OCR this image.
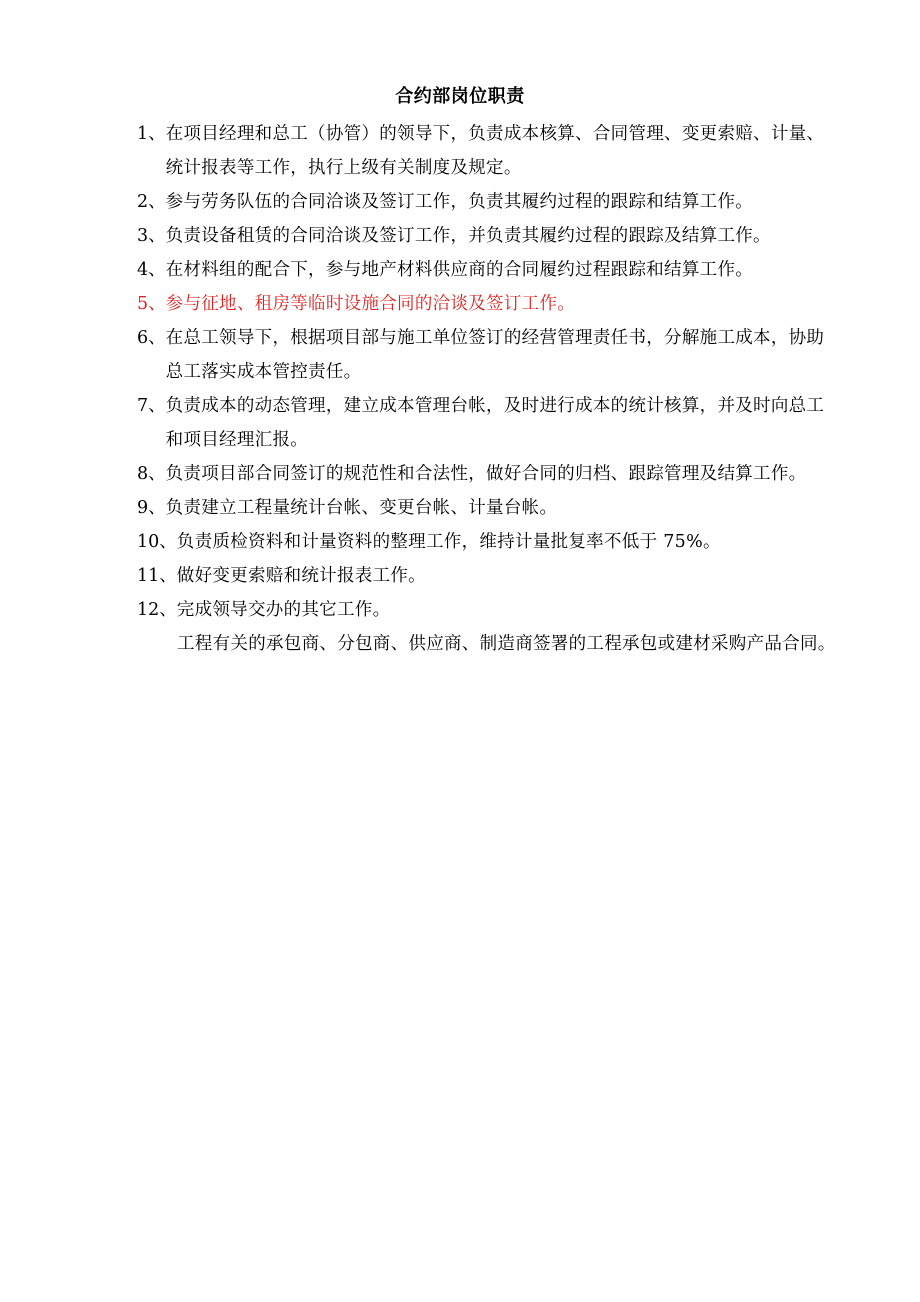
合约部岗位职责
1、 在项目经理和总工（协管）的领导下，负责成本核算、合同管理、变更索赔、计量、统计报表等工作，执行上级有关制度及规定。
2、 参与劳务队伍的合同洽谈及签订工作，负责其履约过程的跟踪和结算工作。
3、 负责设备租赁的合同洽谈及签订工作，并负责其履约过程的跟踪及结算工作。
4、 在材料组的配合下，参与地产材料供应商的合同履约过程跟踪和结算工作。
5、 参与征地、租房等临时设施合同的洽谈及签订工作。
6、 在总工领导下，根据项目部与施工单位签订的经营管理责任书，分解施工成本，协助总工落实成本管控责任。
7、 负责成本的动态管理，建立成本管理台帐，及时进行成本的统计核算，并及时向总工和项目经理汇报。
8、 负责项目部合同签订的规范性和合法性，做好合同的归档、跟踪管理及结算工作。
9、 负责建立工程量统计台帐、变更台帐、计量台帐。
10、 负责质检资料和计量资料的整理工作，维持计量批复率不低于 75%。
11、 做好变更索赔和统计报表工作。
12、 完成领导交办的其它工作。
工程有关的承包商、分包商、供应商、制造商签署的工程承包或建材采购产品合同。
